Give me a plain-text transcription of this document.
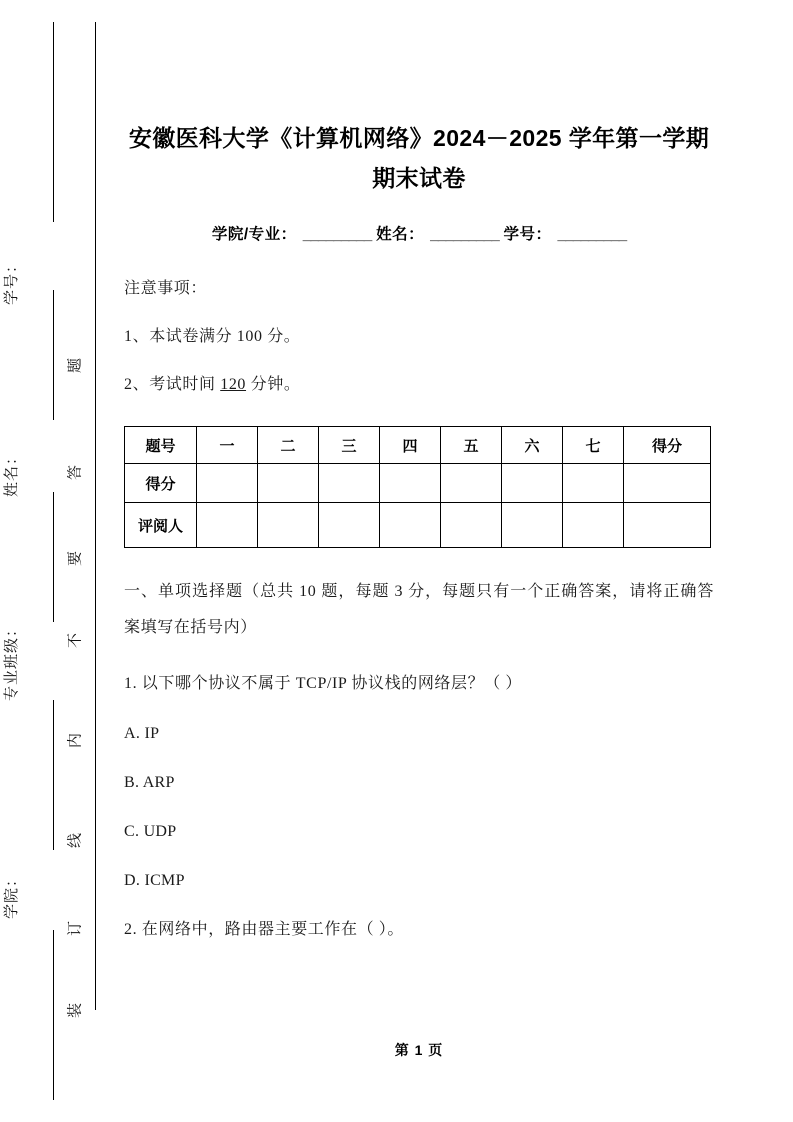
学号：
姓名：
专业班级：
学院：
题
答
要
不
内
线
订
装
安徽医科大学《计算机网络》2024－2025 学年第一学期期末试卷
学院/专业： _________ 姓名： _________ 学号： _________
注意事项：
1、本试卷满分 100 分。
2、考试时间 120 分钟。
题号	一	二	三	四	五	六	七	得分
得分								
评阅人								
一、单项选择题（总共 10 题，每题 3 分，每题只有一个正确答案，请将正确答案填写在括号内）
1. 以下哪个协议不属于 TCP/IP 协议栈的网络层？（ ）
A. IP
B. ARP
C. UDP
D. ICMP
2. 在网络中，路由器主要工作在（ ）。
第 1 页
